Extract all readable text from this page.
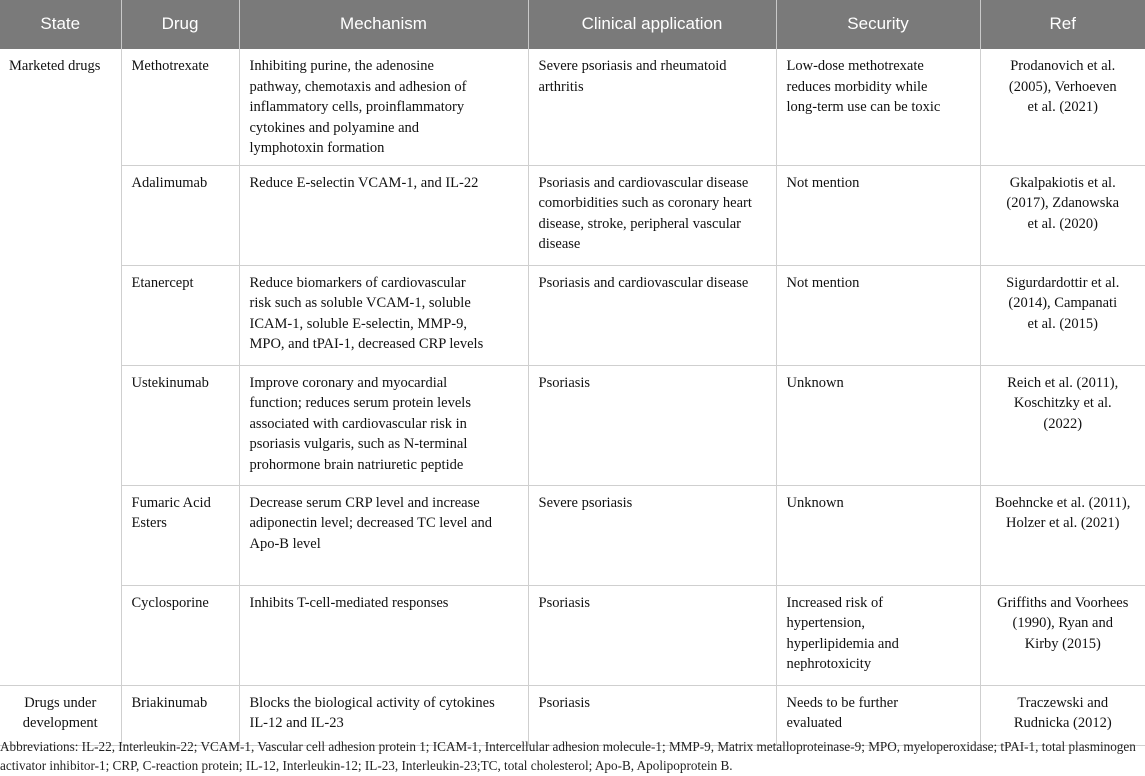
State	Drug	Mechanism	Clinical application	Security	Ref
Marketed drugs	Methotrexate	Inhibiting purine, the adenosine
pathway, chemotaxis and adhesion of
inflammatory cells, proinflammatory
cytokines and polyamine and
lymphotoxin formation	Severe psoriasis and rheumatoid
arthritis	Low-dose methotrexate
reduces morbidity while
long-term use can be toxic	Prodanovich et al.
(2005), Verhoeven
et al. (2021)
	Adalimumab	Reduce E-selectin VCAM-1, and IL-22	Psoriasis and cardiovascular disease
comorbidities such as coronary heart
disease, stroke, peripheral vascular
disease	Not mention	Gkalpakiotis et al.
(2017), Zdanowska
et al. (2020)
	Etanercept	Reduce biomarkers of cardiovascular
risk such as soluble VCAM-1, soluble
ICAM-1, soluble E-selectin, MMP-9,
MPO, and tPAI-1, decreased CRP levels	Psoriasis and cardiovascular disease	Not mention	Sigurdardottir et al.
(2014), Campanati
et al. (2015)
	Ustekinumab	Improve coronary and myocardial
function; reduces serum protein levels
associated with cardiovascular risk in
psoriasis vulgaris, such as N-terminal
prohormone brain natriuretic peptide	Psoriasis	Unknown	Reich et al. (2011),
Koschitzky et al.
(2022)
	Fumaric Acid
Esters	Decrease serum CRP level and increase
adiponectin level; decreased TC level and
Apo-B level	Severe psoriasis	Unknown	Boehncke et al. (2011),
Holzer et al. (2021)
	Cyclosporine	Inhibits T-cell-mediated responses	Psoriasis	Increased risk of
hypertension,
hyperlipidemia and
nephrotoxicity	Griffiths and Voorhees
(1990), Ryan and
Kirby (2015)
Drugs under
development	Briakinumab	Blocks the biological activity of cytokines
IL-12 and IL-23	Psoriasis	Needs to be further
evaluated	Traczewski and
Rudnicka (2012)

Abbreviations: IL-22, Interleukin-22; VCAM-1, Vascular cell adhesion protein 1; ICAM-1, Intercellular adhesion molecule-1; MMP-9, Matrix metalloproteinase-9; MPO, myeloperoxidase; tPAI-1, total plasminogen activator inhibitor-1; CRP, C-reaction protein; IL-12, Interleukin-12; IL-23, Interleukin-23;TC, total cholesterol; Apo-B, Apolipoprotein B.
